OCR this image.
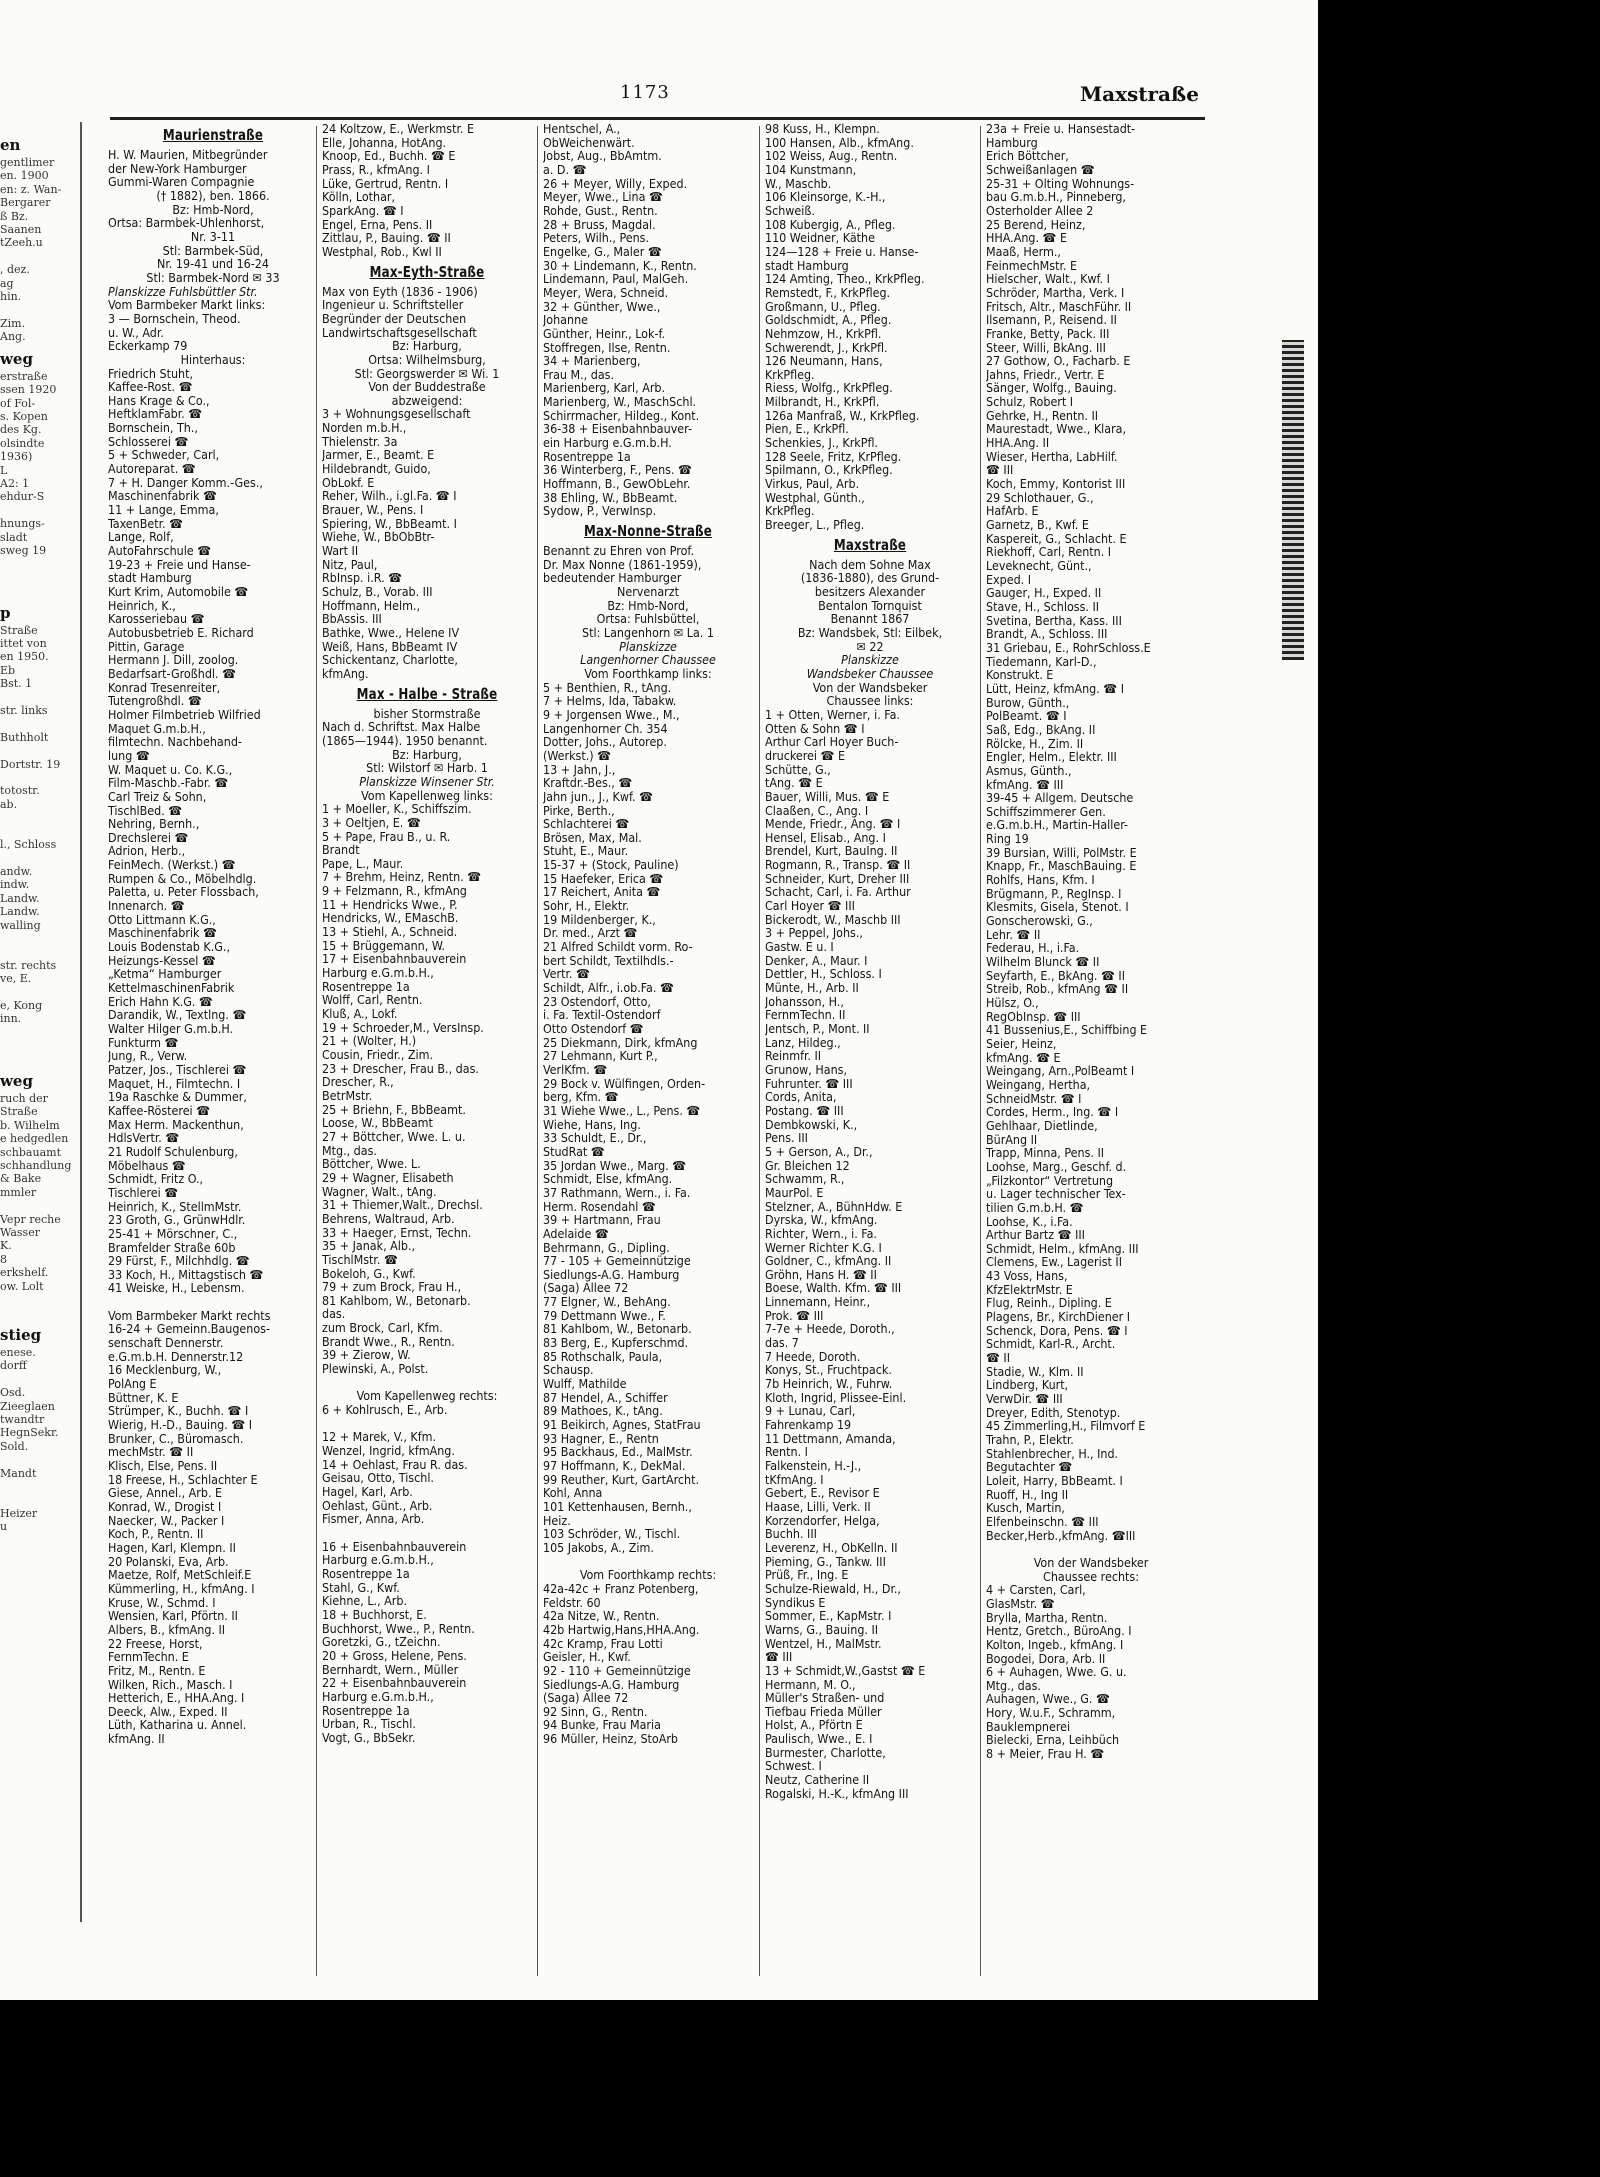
en
gentlimer
en. 1900
en: z. Wan-
Bergarer
ß Bz.
Saanen
tZeeh.u

, dez.
ag
hin.

Zim.
Ang.
weg
erstraße
ssen 1920
of Fol-
s. Kopen
des Kg.
olsindte
1936)
L
A2: 1
ehdur-S

hnungs-
sladt
sweg 19

p
Straße
ittet von
en 1950.
Eb
Bst. 1

str. links

Buthholt

Dortstr. 19

totostr.
ab.

l., Schloss

andw.
indw.
Landw.
Landw.
walling

str. rechts
ve, E.

e, Kong
inn.

weg
ruch der
Straße
b. Wilhelm
e hedgedlen
schbauamt
schhandlung
& Bake
mmler

Vepr reche
Wasser
K.
8
erkshelf.
ow. Lolt

stieg
enese.
dorff

Osd.
Zieeglaen
twandtr
HegnSekr.
Sold.

Mandt

Heizer
u
1173	Maxstraße
Maurienstraße
H. W. Maurien, Mitbegründer
der New-York Hamburger
Gummi-Waren Compagnie
(† 1882), ben. 1866.
Bz: Hmb-Nord,
Ortsa: Barmbek-Uhlenhorst,
Nr. 3-11
Stl: Barmbek-Süd,
Nr. 19-41 und 16-24
Stl: Barmbek-Nord ✉ 33
Planskizze Fuhlsbüttler Str.
Vom Barmbeker Markt links:
3 — Bornschein, Theod.
u. W., Adr.
Eckerkamp 79
Hinterhaus:
Friedrich Stuht,
Kaffee-Rost. ☎
Hans Krage & Co.,
HeftklamFabr. ☎
Bornschein, Th.,
Schlosserei ☎
5 + Schweder, Carl,
Autoreparat. ☎
7 + H. Danger Komm.-Ges.,
Maschinenfabrik ☎
11 + Lange, Emma,
TaxenBetr. ☎
Lange, Rolf,
AutoFahrschule ☎
19-23 + Freie und Hanse-
stadt Hamburg
Kurt Krim, Automobile ☎
Heinrich, K.,
Karosseriebau ☎
Autobusbetrieb E. Richard
Pittin, Garage
Hermann J. Dill, zoolog.
Bedarfsart-Großhdl. ☎
Konrad Tresenreiter,
Tutengroßhdl. ☎
Holmer Filmbetrieb Wilfried
Maquet G.m.b.H.,
filmtechn. Nachbehand-
lung ☎
W. Maquet u. Co. K.G.,
Film-Maschb.-Fabr. ☎
Carl Treiz & Sohn,
TischlBed. ☎
Nehring, Bernh.,
Drechslerei ☎
Adrion, Herb.,
FeinMech. (Werkst.) ☎
Rumpen & Co., Möbelhdlg.
Paletta, u. Peter Flossbach,
Innenarch. ☎
Otto Littmann K.G.,
Maschinenfabrik ☎
Louis Bodenstab K.G.,
Heizungs-Kessel ☎
„Ketma“ Hamburger
KettelmaschinenFabrik
Erich Hahn K.G. ☎
Darandik, W., Textlng. ☎
Walter Hilger G.m.b.H.
Funkturm ☎
Jung, R., Verw.
Patzer, Jos., Tischlerei ☎
Maquet, H., Filmtechn. I
19a Raschke & Dummer,
Kaffee-Rösterei ☎
Max Herm. Mackenthun,
HdlsVertr. ☎
21 Rudolf Schulenburg,
Möbelhaus ☎
Schmidt, Fritz O.,
Tischlerei ☎
Heinrich, K., StellmMstr.
23 Groth, G., GrünwHdlr.
25-41 + Mörschner, C.,
Bramfelder Straße 60b
29 Fürst, F., Milchhdlg. ☎
33 Koch, H., Mittagstisch ☎
41 Weiske, H., Lebensm.

Vom Barmbeker Markt rechts
16-24 + Gemeinn.Baugenos-
senschaft Dennerstr.
e.G.m.b.H. Dennerstr.12
16 Mecklenburg, W.,
PolAng E
Büttner, K. E
Strümper, K., Buchh. ☎ I
Wierig, H.-D., Bauing. ☎ I
Brunker, C., Büromasch.
mechMstr. ☎ II
Klisch, Else, Pens. II
18 Freese, H., Schlachter E
Giese, Annel., Arb. E
Konrad, W., Drogist I
Naecker, W., Packer I
Koch, P., Rentn. II
Hagen, Karl, Klempn. II
20 Polanski, Eva, Arb.
Maetze, Rolf, MetSchleif.E
Kümmerling, H., kfmAng. I
Kruse, W., Schmd. I
Wensien, Karl, Pförtn. II
Albers, B., kfmAng. II
22 Freese, Horst,
FernmTechn. E
Fritz, M., Rentn. E
Wilken, Rich., Masch. I
Hetterich, E., HHA.Ang. I
Deeck, Alw., Exped. II
Lüth, Katharina u. Annel.
kfmAng. II
24 Koltzow, E., Werkmstr. E
Elle, Johanna, HotAng.
Knoop, Ed., Buchh. ☎ E
Prass, R., kfmAng. I
Lüke, Gertrud, Rentn. I
Kölln, Lothar,
SparkAng. ☎ I
Engel, Erna, Pens. II
Zittlau, P., Bauing. ☎ II
Westphal, Rob., Kwl II
Max-Eyth-Straße
Max von Eyth (1836 - 1906)
Ingenieur u. Schriftsteller
Begründer der Deutschen
Landwirtschaftsgesellschaft
Bz: Harburg,
Ortsa: Wilhelmsburg,
Stl: Georgswerder ✉ Wi. 1
Von der Buddestraße
abzweigend:
3 + Wohnungsgesellschaft
Norden m.b.H.,
Thielenstr. 3a
Jarmer, E., Beamt. E
Hildebrandt, Guido,
ObLokf. E
Reher, Wilh., i.gl.Fa. ☎ I
Brauer, W., Pens. I
Spiering, W., BbBeamt. I
Wiehe, W., BbObBtr-
Wart II
Nitz, Paul,
RbInsp. i.R. ☎
Schulz, B., Vorab. III
Hoffmann, Helm.,
BbAssis. III
Bathke, Wwe., Helene IV
Weiß, Hans, BbBeamt IV
Schickentanz, Charlotte,
kfmAng.
Max - Halbe - Straße
bisher Stormstraße
Nach d. Schriftst. Max Halbe
(1865—1944). 1950 benannt.
Bz: Harburg,
Stl: Wilstorf ✉ Harb. 1
Planskizze Winsener Str.
Vom Kapellenweg links:
1 + Moeller, K., Schiffszim.
3 + Oeltjen, E. ☎
5 + Pape, Frau B., u. R.
Brandt
Pape, L., Maur.
7 + Brehm, Heinz, Rentn. ☎
9 + Felzmann, R., kfmAng
11 + Hendricks Wwe., P.
Hendricks, W., EMaschB.
13 + Stiehl, A., Schneid.
15 + Brüggemann, W.
17 + Eisenbahnbauverein
Harburg e.G.m.b.H.,
Rosentreppe 1a
Wolff, Carl, Rentn.
Kluß, A., Lokf.
19 + Schroeder,M., VersInsp.
21 + (Wolter, H.)
Cousin, Friedr., Zim.
23 + Drescher, Frau B., das.
Drescher, R.,
BetrMstr.
25 + Briehn, F., BbBeamt.
Loose, W., BbBeamt
27 + Böttcher, Wwe. L. u.
Mtg., das.
Böttcher, Wwe. L.
29 + Wagner, Elisabeth
Wagner, Walt., tAng.
31 + Thiemer,Walt., Drechsl.
Behrens, Waltraud, Arb.
33 + Haeger, Ernst, Techn.
35 + Janak, Alb.,
TischlMstr. ☎
Bokeloh, G., Kwf.
79 + zum Brock, Frau H.,
81 Kahlbom, W., Betonarb.
das.
zum Brock, Carl, Kfm.
Brandt Wwe., R., Rentn.
39 + Zierow, W.
Plewinski, A., Polst.

Vom Kapellenweg rechts:
6 + Kohlrusch, E., Arb.

12 + Marek, V., Kfm.
Wenzel, Ingrid, kfmAng.
14 + Oehlast, Frau R. das.
Geisau, Otto, Tischl.
Hagel, Karl, Arb.
Oehlast, Günt., Arb.
Fismer, Anna, Arb.

16 + Eisenbahnbauverein
Harburg e.G.m.b.H.,
Rosentreppe 1a
Stahl, G., Kwf.
Kiehne, L., Arb.
18 + Buchhorst, E.
Buchhorst, Wwe., P., Rentn.
Goretzki, G., tZeichn.
20 + Gross, Helene, Pens.
Bernhardt, Wern., Müller
22 + Eisenbahnbauverein
Harburg e.G.m.b.H.,
Rosentreppe 1a
Urban, R., Tischl.
Vogt, G., BbSekr.
Hentschel, A.,
ObWeichenwärt.
Jobst, Aug., BbAmtm.
a. D. ☎
26 + Meyer, Willy, Exped.
Meyer, Wwe., Lina ☎
Rohde, Gust., Rentn.
28 + Bruss, Magdal.
Peters, Wilh., Pens.
Engelke, G., Maler ☎
30 + Lindemann, K., Rentn.
Lindemann, Paul, MalGeh.
Meyer, Wera, Schneid.
32 + Günther, Wwe.,
Johanne
Günther, Heinr., Lok-f.
Stoffregen, Ilse, Rentn.
34 + Marienberg,
Frau M., das.
Marienberg, Karl, Arb.
Marienberg, W., MaschSchl.
Schirrmacher, Hildeg., Kont.
36-38 + Eisenbahnbauver-
ein Harburg e.G.m.b.H.
Rosentreppe 1a
36 Winterberg, F., Pens. ☎
Hoffmann, B., GewObLehr.
38 Ehling, W., BbBeamt.
Sydow, P., VerwInsp.
Max-Nonne-Straße
Benannt zu Ehren von Prof.
Dr. Max Nonne (1861-1959),
bedeutender Hamburger
Nervenarzt
Bz: Hmb-Nord,
Ortsa: Fuhlsbüttel,
Stl: Langenhorn ✉ La. 1
Planskizze
Langenhorner Chaussee
Vom Foorthkamp links:
5 + Benthien, R., tAng.
7 + Helms, Ida, Tabakw.
9 + Jorgensen Wwe., M.,
Langenhorner Ch. 354
Dotter, Johs., Autorep.
(Werkst.) ☎
13 + Jahn, J.,
Kraftdr.-Bes., ☎
Jahn jun., J., Kwf. ☎
Pirke, Berth.,
Schlachterei ☎
Brösen, Max, Mal.
Stuht, E., Maur.
15-37 + (Stock, Pauline)
15 Haefeker, Erica ☎
17 Reichert, Anita ☎
Sohr, H., Elektr.
19 Mildenberger, K.,
Dr. med., Arzt ☎
21 Alfred Schildt vorm. Ro-
bert Schildt, Textilhdls.-
Vertr. ☎
Schildt, Alfr., i.ob.Fa. ☎
23 Ostendorf, Otto,
i. Fa. Textil-Ostendorf
Otto Ostendorf ☎
25 Diekmann, Dirk, kfmAng
27 Lehmann, Kurt P.,
VerlKfm. ☎
29 Bock v. Wülfingen, Orden-
berg, Kfm. ☎
31 Wiehe Wwe., L., Pens. ☎
Wiehe, Hans, Ing.
33 Schuldt, E., Dr.,
StudRat ☎
35 Jordan Wwe., Marg. ☎
Schmidt, Else, kfmAng.
37 Rathmann, Wern., i. Fa.
Herm. Rosendahl ☎
39 + Hartmann, Frau
Adelaide ☎
Behrmann, G., Dipling.
77 - 105 + Gemeinnützige
Siedlungs-A.G. Hamburg
(Saga) Allee 72
77 Elgner, W., BehAng.
79 Dettmann Wwe., F.
81 Kahlbom, W., Betonarb.
83 Berg, E., Kupferschmd.
85 Rothschalk, Paula,
Schausp.
Wulff, Mathilde
87 Hendel, A., Schiffer
89 Mathoes, K., tAng.
91 Beikirch, Agnes, StatFrau
93 Hagner, E., Rentn
95 Backhaus, Ed., MalMstr.
97 Hoffmann, K., DekMal.
99 Reuther, Kurt, GartArcht.
Kohl, Anna
101 Kettenhausen, Bernh.,
Heiz.
103 Schröder, W., Tischl.
105 Jakobs, A., Zim.

Vom Foorthkamp rechts:
42a-42c + Franz Potenberg,
Feldstr. 60
42a Nitze, W., Rentn.
42b Hartwig,Hans,HHA.Ang.
42c Kramp, Frau Lotti
Geisler, H., Kwf.
92 - 110 + Gemeinnützige
Siedlungs-A.G. Hamburg
(Saga) Allee 72
92 Sinn, G., Rentn.
94 Bunke, Frau Maria
96 Müller, Heinz, StoArb
98 Kuss, H., Klempn.
100 Hansen, Alb., kfmAng.
102 Weiss, Aug., Rentn.
104 Kunstmann,
W., Maschb.
106 Kleinsorge, K.-H.,
Schweiß.
108 Kubergig, A., Pfleg.
110 Weidner, Käthe
124—128 + Freie u. Hanse-
stadt Hamburg
124 Amting, Theo., KrkPfleg.
Remstedt, F., KrkPfleg.
Großmann, U., Pfleg.
Goldschmidt, A., Pfleg.
Nehmzow, H., KrkPfl.
Schwerendt, J., KrkPfl.
126 Neumann, Hans,
KrkPfleg.
Riess, Wolfg., KrkPfleg.
Milbrandt, H., KrkPfl.
126a Manfraß, W., KrkPfleg.
Pien, E., KrkPfl.
Schenkies, J., KrkPfl.
128 Seele, Fritz, KrPfleg.
Spilmann, O., KrkPfleg.
Virkus, Paul, Arb.
Westphal, Günth.,
KrkPfleg.
Breeger, L., Pfleg.
Maxstraße
Nach dem Sohne Max
(1836-1880), des Grund-
besitzers Alexander
Bentalon Tornquist
Benannt 1867
Bz: Wandsbek, Stl: Eilbek,
✉ 22
Planskizze
Wandsbeker Chaussee
Von der Wandsbeker
Chaussee links:
1 + Otten, Werner, i. Fa.
Otten & Sohn ☎ I
Arthur Carl Hoyer Buch-
druckerei ☎ E
Schütte, G.,
tAng. ☎ E
Bauer, Willi, Mus. ☎ E
Claaßen, C., Ang. I
Mende, Friedr., Ang. ☎ I
Hensel, Elisab., Ang. I
Brendel, Kurt, BauIng. II
Rogmann, R., Transp. ☎ II
Schneider, Kurt, Dreher III
Schacht, Carl, i. Fa. Arthur
Carl Hoyer ☎ III
Bickerodt, W., Maschb III
3 + Peppel, Johs.,
Gastw. E u. I
Denker, A., Maur. I
Dettler, H., Schloss. I
Münte, H., Arb. II
Johansson, H.,
FernmTechn. II
Jentsch, P., Mont. II
Lanz, Hildeg.,
Reinmfr. II
Grunow, Hans,
Fuhrunter. ☎ III
Cords, Anita,
Postang. ☎ III
Dembkowski, K.,
Pens. III
5 + Gerson, A., Dr.,
Gr. Bleichen 12
Schwamm, R.,
MaurPol. E
Stelzner, A., BühnHdw. E
Dyrska, W., kfmAng.
Richter, Wern., i. Fa.
Werner Richter K.G. I
Goldner, C., kfmAng. II
Gröhn, Hans H. ☎ II
Boese, Walth. Kfm. ☎ III
Linnemann, Heinr.,
Prok. ☎ III
7-7e + Heede, Doroth.,
das. 7
7 Heede, Doroth.
Konys, St., Fruchtpack.
7b Heinrich, W., Fuhrw.
Kloth, Ingrid, Plissee-Einl.
9 + Lunau, Carl,
Fahrenkamp 19
11 Dettmann, Amanda,
Rentn. I
Falkenstein, H.-J.,
tKfmAng. I
Gebert, E., Revisor E
Haase, Lilli, Verk. II
Korzendorfer, Helga,
Buchh. III
Leverenz, H., ObKelln. II
Pieming, G., Tankw. III
Prüß, Fr., Ing. E
Schulze-Riewald, H., Dr.,
Syndikus E
Sommer, E., KapMstr. I
Warns, G., Bauing. II
Wentzel, H., MalMstr.
☎ III
13 + Schmidt,W.,Gastst ☎ E
Hermann, M. O.,
Müller's Straßen- und
Tiefbau Frieda Müller
Holst, A., Pförtn E
Paulisch, Wwe., E. I
Burmester, Charlotte,
Schwest. I
Neutz, Catherine II
Rogalski, H.-K., kfmAng III
23a + Freie u. Hansestadt-
Hamburg
Erich Böttcher,
Schweißanlagen ☎
25-31 + Olting Wohnungs-
bau G.m.b.H., Pinneberg,
Osterholder Allee 2
25 Berend, Heinz,
HHA.Ang. ☎ E
Maaß, Herm.,
FeinmechMstr. E
Hielscher, Walt., Kwf. I
Schröder, Martha, Verk. I
Fritsch, Altr., MaschFühr. II
Ilsemann, P., Reisend. II
Franke, Betty, Pack. III
Steer, Willi, BkAng. III
27 Gothow, O., Facharb. E
Jahns, Friedr., Vertr. E
Sänger, Wolfg., Bauing.
Schulz, Robert I
Gehrke, H., Rentn. II
Maurestadt, Wwe., Klara,
HHA.Ang. II
Wieser, Hertha, LabHilf.
☎ III
Koch, Emmy, Kontorist III
29 Schlothauer, G.,
HafArb. E
Garnetz, B., Kwf. E
Kaspereit, G., Schlacht. E
Riekhoff, Carl, Rentn. I
Leveknecht, Günt.,
Exped. I
Gauger, H., Exped. II
Stave, H., Schloss. II
Svetina, Bertha, Kass. III
Brandt, A., Schloss. III
31 Griebau, E., RohrSchloss.E
Tiedemann, Karl-D.,
Konstrukt. E
Lütt, Heinz, kfmAng. ☎ I
Burow, Günth.,
PolBeamt. ☎ I
Saß, Edg., BkAng. II
Rölcke, H., Zim. II
Engler, Helm., Elektr. III
Asmus, Günth.,
kfmAng. ☎ III
39-45 + Allgem. Deutsche
Schiffszimmerer Gen.
e.G.m.b.H., Martin-Haller-
Ring 19
39 Bursian, Willi, PolMstr. E
Knapp, Fr., MaschBauing. E
Rohlfs, Hans, Kfm. I
Brügmann, P., RegInsp. I
Klesmits, Gisela, Stenot. I
Gonscherowski, G.,
Lehr. ☎ II
Federau, H., i.Fa.
Wilhelm Blunck ☎ II
Seyfarth, E., BkAng. ☎ II
Streib, Rob., kfmAng ☎ II
Hülsz, O.,
RegObInsp. ☎ III
41 Bussenius,E., Schiffbing E
Seier, Heinz,
kfmAng. ☎ E
Weingang, Arn.,PolBeamt I
Weingang, Hertha,
SchneidMstr. ☎ I
Cordes, Herm., Ing. ☎ I
Gehlhaar, Dietlinde,
BürAng II
Trapp, Minna, Pens. II
Loohse, Marg., Geschf. d.
„Filzkontor“ Vertretung
u. Lager technischer Tex-
tilien G.m.b.H. ☎
Loohse, K., i.Fa.
Arthur Bartz ☎ III
Schmidt, Helm., kfmAng. III
Clemens, Ew., Lagerist II
43 Voss, Hans,
KfzElektrMstr. E
Flug, Reinh., Dipling. E
Plagens, Br., KirchDiener I
Schenck, Dora, Pens. ☎ I
Schmidt, Karl-R., Archt.
☎ II
Stadie, W., Klm. II
Lindberg, Kurt,
VerwDir. ☎ III
Dreyer, Edith, Stenotyp.
45 Zimmerling,H., Filmvorf E
Trahn, P., Elektr.
Stahlenbrecher, H., Ind.
Begutachter ☎
Loleit, Harry, BbBeamt. I
Ruoff, H., Ing II
Kusch, Martin,
Elfenbeinschn. ☎ III
Becker,Herb.,kfmAng. ☎III

Von der Wandsbeker
Chaussee rechts:
4 + Carsten, Carl,
GlasMstr. ☎
Brylla, Martha, Rentn.
Hentz, Gretch., BüroAng. I
Kolton, Ingeb., kfmAng. I
Bogodei, Dora, Arb. II
6 + Auhagen, Wwe. G. u.
Mtg., das.
Auhagen, Wwe., G. ☎
Hory, W.u.F., Schramm,
Bauklempnerei
Bielecki, Erna, Leihbüch
8 + Meier, Frau H. ☎
